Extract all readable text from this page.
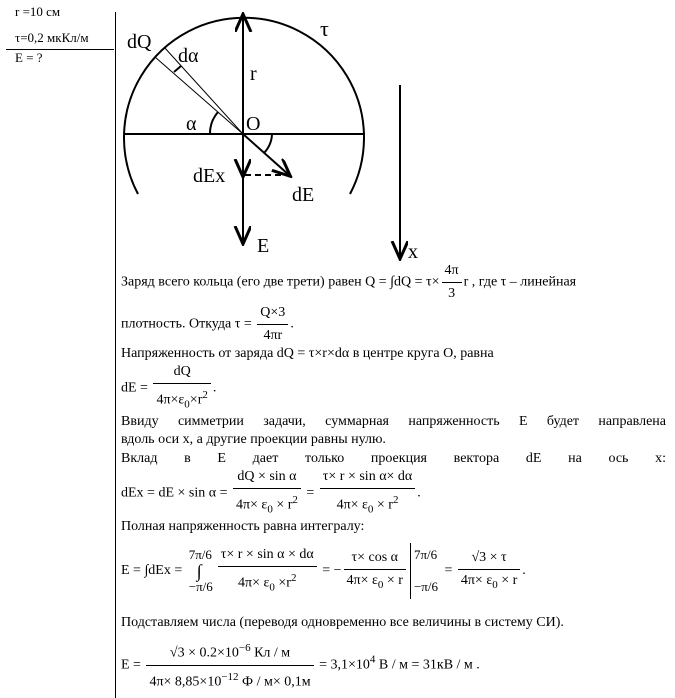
r =10 см
τ=0,2 мкКл/м
E = ?
dQ
dα
r
τ
α O
dEx
dE
E	x
Заряд всего кольца (его две трети) равен $Q = \int dQ = \tau\times \frac{4\pi}{3}$ r , где τ – линейная
плотность. Откуда $\tau = \frac{Q\times 3}{4\pi r}$ .
Напряженность от заряда dQ = τ×r×dα в центре круга O, равна
dE = $\frac{dQ}{4\pi\times\varepsilon_0\times r^2}$ .
Ввиду симметрии задачи, суммарная напряженность E будет направлена
вдоль оси x, а другие проекции равны нулю.
Вклад в E дает только проекция вектора dE на ось x:
dEx = dE × $\sin \alpha = \frac{\text{dQ × sin α}}{4\pi\times \varepsilon_0 \times r^2} = \frac{\text{τ× r × sin α× dα}}{4\pi\times \varepsilon_0 \times r^2}$ .
Полная напряженность равна интегралу:
E = ∫dEx =
7π/6
∫
$-\pi/6 \frac{\text{τ× r × sin α × dα}}{4\pi\times \varepsilon_0 \times r^2}$ = − $\frac{\text{τ× cos α}}{4\pi\times \varepsilon_0 \times r} 7\pi/6$
−π/6
= $\frac{√3 \times \tau}{4\pi\times \varepsilon_0 \times r}$ .
Подставляем числа (переводя одновременно все величины в систему СИ).
$E = \frac{√3 \times 0.2\times 10^{-6} Кл / м}{4\pi\times 8,85\times 10^{-12} Ф / м\times 0,1м} = 3,1\times 10^4$ В / м = 31кВ / м .
